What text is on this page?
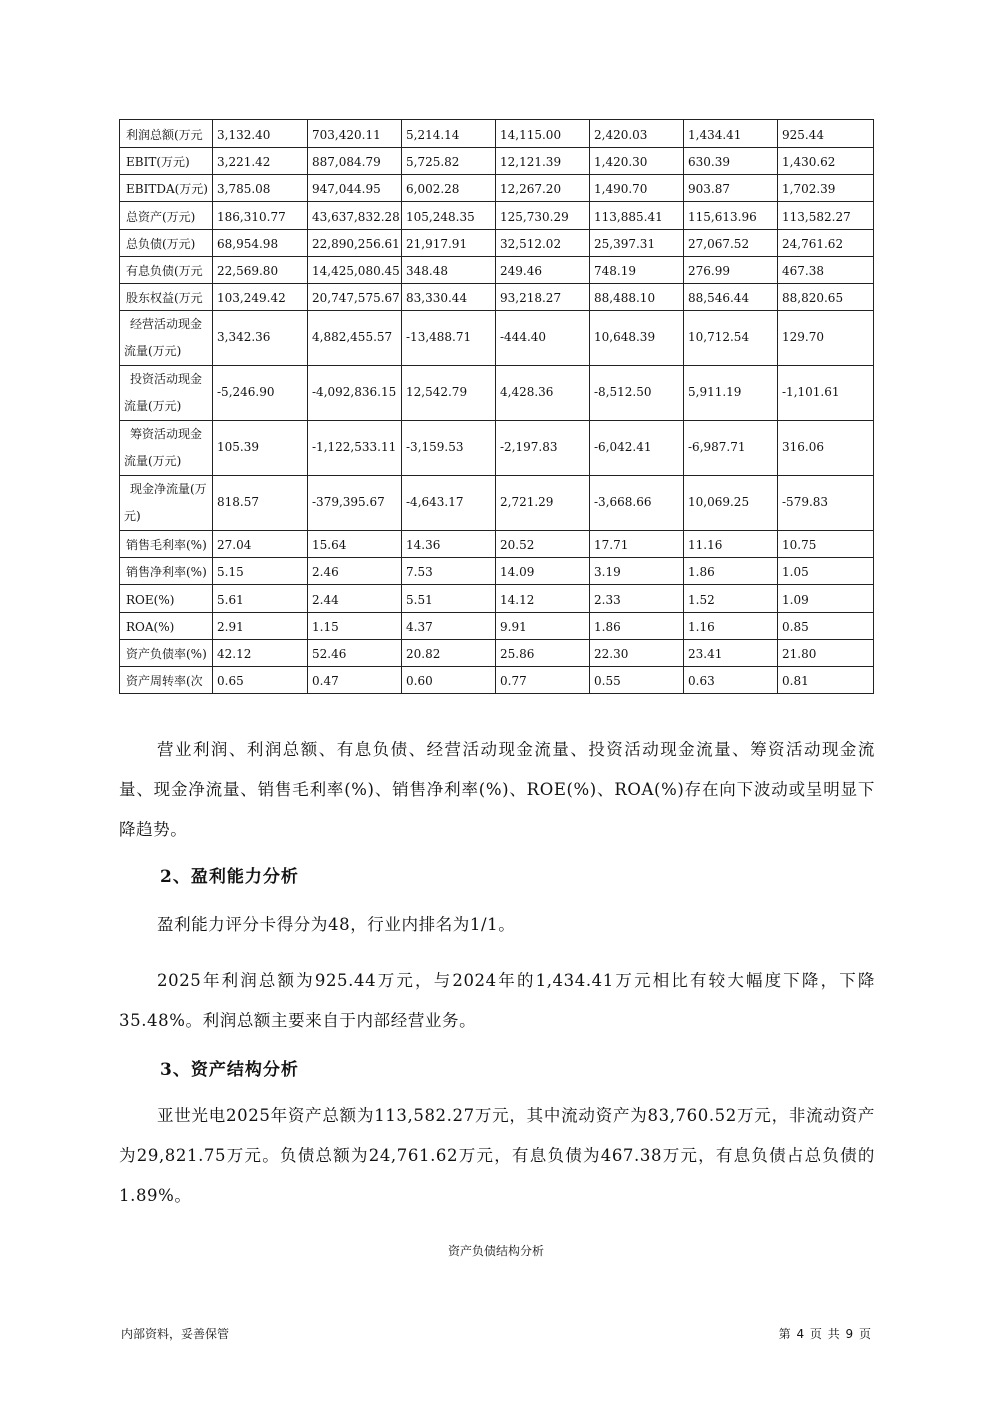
利润总额(万元	3,132.40	703,420.11	5,214.14	14,115.00	2,420.03	1,434.41	925.44
EBIT(万元)	3,221.42	887,084.79	5,725.82	12,121.39	1,420.30	630.39	1,430.62
EBITDA(万元)	3,785.08	947,044.95	6,002.28	12,267.20	1,490.70	903.87	1,702.39
总资产(万元)	186,310.77	43,637,832.28	105,248.35	125,730.29	113,885.41	115,613.96	113,582.27
总负债(万元)	68,954.98	22,890,256.61	21,917.91	32,512.02	25,397.31	27,067.52	24,761.62
有息负债(万元	22,569.80	14,425,080.45	348.48	249.46	748.19	276.99	467.38
股东权益(万元	103,249.42	20,747,575.67	83,330.44	93,218.27	88,488.10	88,546.44	88,820.65
经营活动现金流量(万元)	3,342.36	4,882,455.57	-13,488.71	-444.40	10,648.39	10,712.54	129.70
投资活动现金流量(万元)	-5,246.90	-4,092,836.15	12,542.79	4,428.36	-8,512.50	5,911.19	-1,101.61
筹资活动现金流量(万元)	105.39	-1,122,533.11	-3,159.53	-2,197.83	-6,042.41	-6,987.71	316.06
现金净流量(万元)	818.57	-379,395.67	-4,643.17	2,721.29	-3,668.66	10,069.25	-579.83
销售毛利率(%)	27.04	15.64	14.36	20.52	17.71	11.16	10.75
销售净利率(%)	5.15	2.46	7.53	14.09	3.19	1.86	1.05
ROE(%)	5.61	2.44	5.51	14.12	2.33	1.52	1.09
ROA(%)	2.91	1.15	4.37	9.91	1.86	1.16	0.85
资产负债率(%)	42.12	52.46	20.82	25.86	22.30	23.41	21.80
资产周转率(次	0.65	0.47	0.60	0.77	0.55	0.63	0.81
营业利润、利润总额、有息负债、经营活动现金流量、投资活动现金流量、筹资活动现金流量、现金净流量、销售毛利率(%)、销售净利率(%)、ROE(%)、ROA(%)存在向下波动或呈明显下降趋势。
2、盈利能力分析
盈利能力评分卡得分为48，行业内排名为1/1。
2025年利润总额为925.44万元，与2024年的1,434.41万元相比有较大幅度下降，下降35.48%。利润总额主要来自于内部经营业务。
3、资产结构分析
亚世光电2025年资产总额为113,582.27万元，其中流动资产为83,760.52万元，非流动资产为29,821.75万元。负债总额为24,761.62万元，有息负债为467.38万元，有息负债占总负债的1.89%。
资产负债结构分析
内部资料，妥善保管	第 4 页 共 9 页
